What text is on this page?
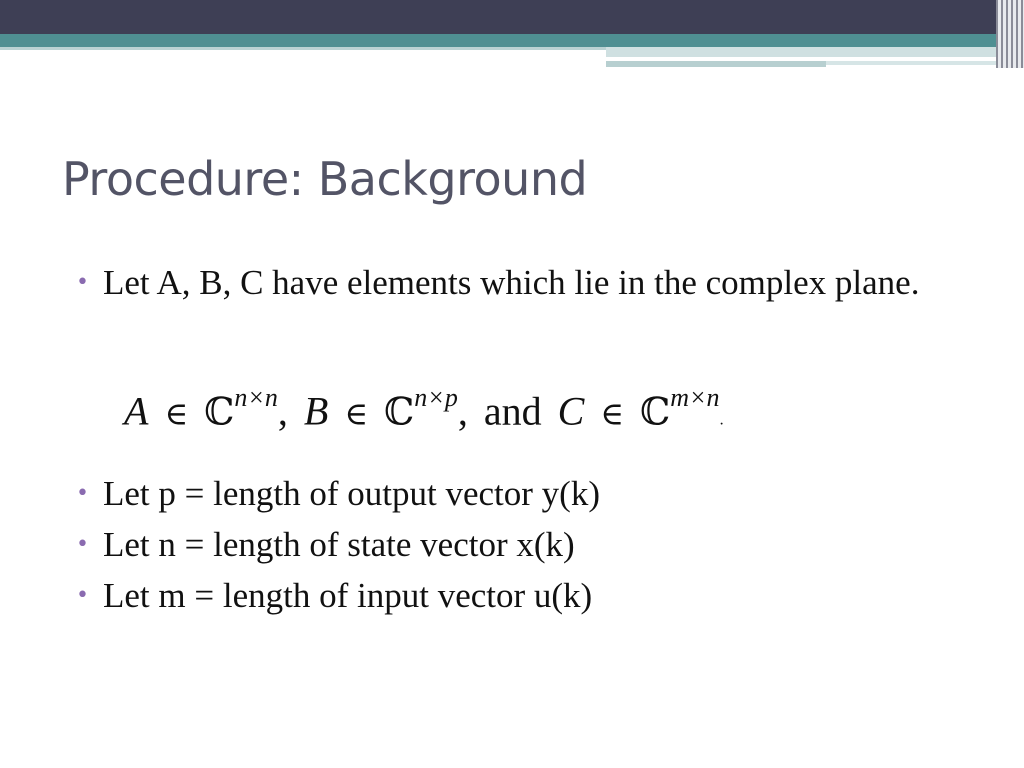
Procedure: Background
• Let A, B, C have elements which lie in the complex plane.
A ∈ ℂ$^{n\times n}$, B ∈ ℂ$^{n\times p}$, and C ∈ ℂ$^{m\times n}$.
• Let p = length of output vector y(k)
• Let n = length of state vector x(k)
• Let m = length of input vector u(k)
